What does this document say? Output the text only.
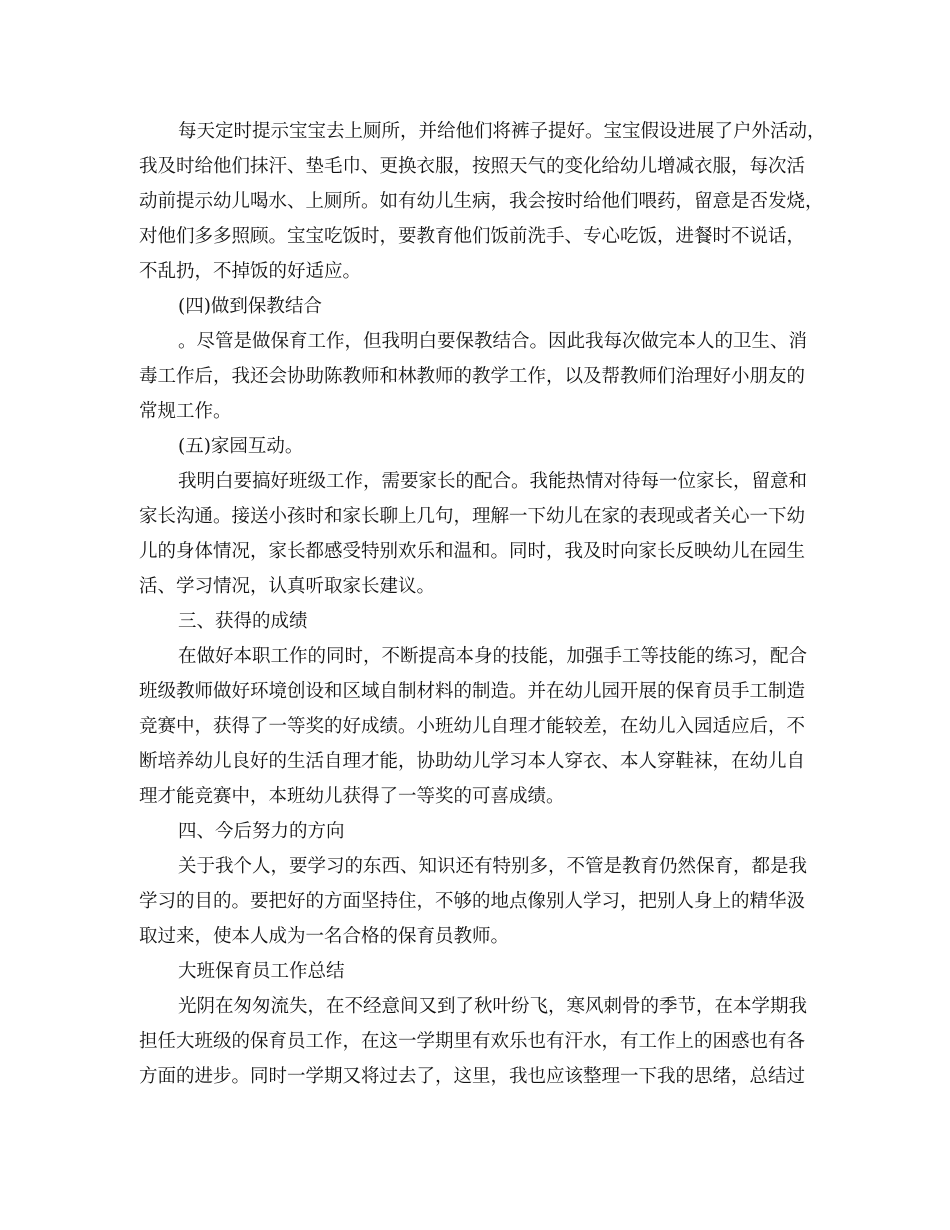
每天定时提示宝宝去上厕所，并给他们将裤子提好。宝宝假设进展了户外活动，

我及时给他们抹汗、垫毛巾、更换衣服，按照天气的变化给幼儿增减衣服，每次活

动前提示幼儿喝水、上厕所。如有幼儿生病，我会按时给他们喂药，留意是否发烧，

对他们多多照顾。宝宝吃饭时，要教育他们饭前洗手、专心吃饭，进餐时不说话，

不乱扔，不掉饭的好适应。

(四)做到保教结合

。尽管是做保育工作，但我明白要保教结合。因此我每次做完本人的卫生、消

毒工作后，我还会协助陈教师和林教师的教学工作，以及帮教师们治理好小朋友的

常规工作。

(五)家园互动。

我明白要搞好班级工作，需要家长的配合。我能热情对待每一位家长，留意和

家长沟通。接送小孩时和家长聊上几句，理解一下幼儿在家的表现或者关心一下幼

儿的身体情况，家长都感受特别欢乐和温和。同时，我及时向家长反映幼儿在园生

活、学习情况，认真听取家长建议。

三、获得的成绩

在做好本职工作的同时，不断提高本身的技能，加强手工等技能的练习，配合

班级教师做好环境创设和区域自制材料的制造。并在幼儿园开展的保育员手工制造

竞赛中，获得了一等奖的好成绩。小班幼儿自理才能较差，在幼儿入园适应后，不

断培养幼儿良好的生活自理才能，协助幼儿学习本人穿衣、本人穿鞋袜，在幼儿自

理才能竞赛中，本班幼儿获得了一等奖的可喜成绩。

四、今后努力的方向

关于我个人，要学习的东西、知识还有特别多，不管是教育仍然保育，都是我

学习的目的。要把好的方面坚持住，不够的地点像别人学习，把别人身上的精华汲

取过来，使本人成为一名合格的保育员教师。

大班保育员工作总结

光阴在匆匆流失，在不经意间又到了秋叶纷飞，寒风刺骨的季节，在本学期我

担任大班级的保育员工作，在这一学期里有欢乐也有汗水，有工作上的困惑也有各

方面的进步。同时一学期又将过去了，这里，我也应该整理一下我的思绪，总结过
